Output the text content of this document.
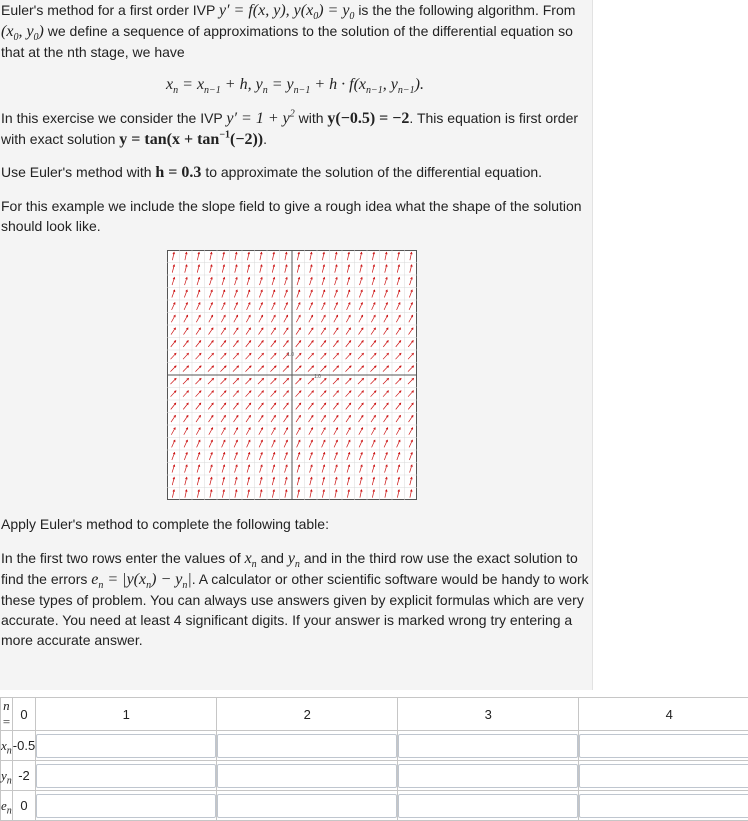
Euler's method for a first order IVP y′ = f(x, y), $y(x_0) = y_0$ is the the following algorithm. From ($x_0$, $y_0$) we define a sequence of approximations to the solution of the differential equation so that at the nth stage, we have

$x_n = x_{n-1} + h$, $y_n = y_{n-1} + h \cdot f(x_{n-1}$, $y_{n-1}$).

In this exercise we consider the IVP $y' = 1 + y^2$ with y(−0.5) = −2. This equation is first order with exact solution $y = \tan(x + \tan^{-1}(-2))$.

Use Euler's method with h = 0.3 to approximate the solution of the differential equation.

For this example we include the slope field to give a rough idea what the shape of the solution should look like.

1.0
1.0

Apply Euler's method to complete the following table:

In the first two rows enter the values of $x_n$ and $y_n$ and in the third row use the exact solution to find the errors $e_n = |y(x_n) - y_n|$. A calculator or other scientific software would be handy to work these types of problem. You can always use answers given by explicit formulas which are very accurate. You need at least 4 significant digits. If your answer is marked wrong try entering a more accurate answer.

n =	0	1	2	3	4
$x_n$	-0.5	

$y_n$	-2	

$e_n$	0	
